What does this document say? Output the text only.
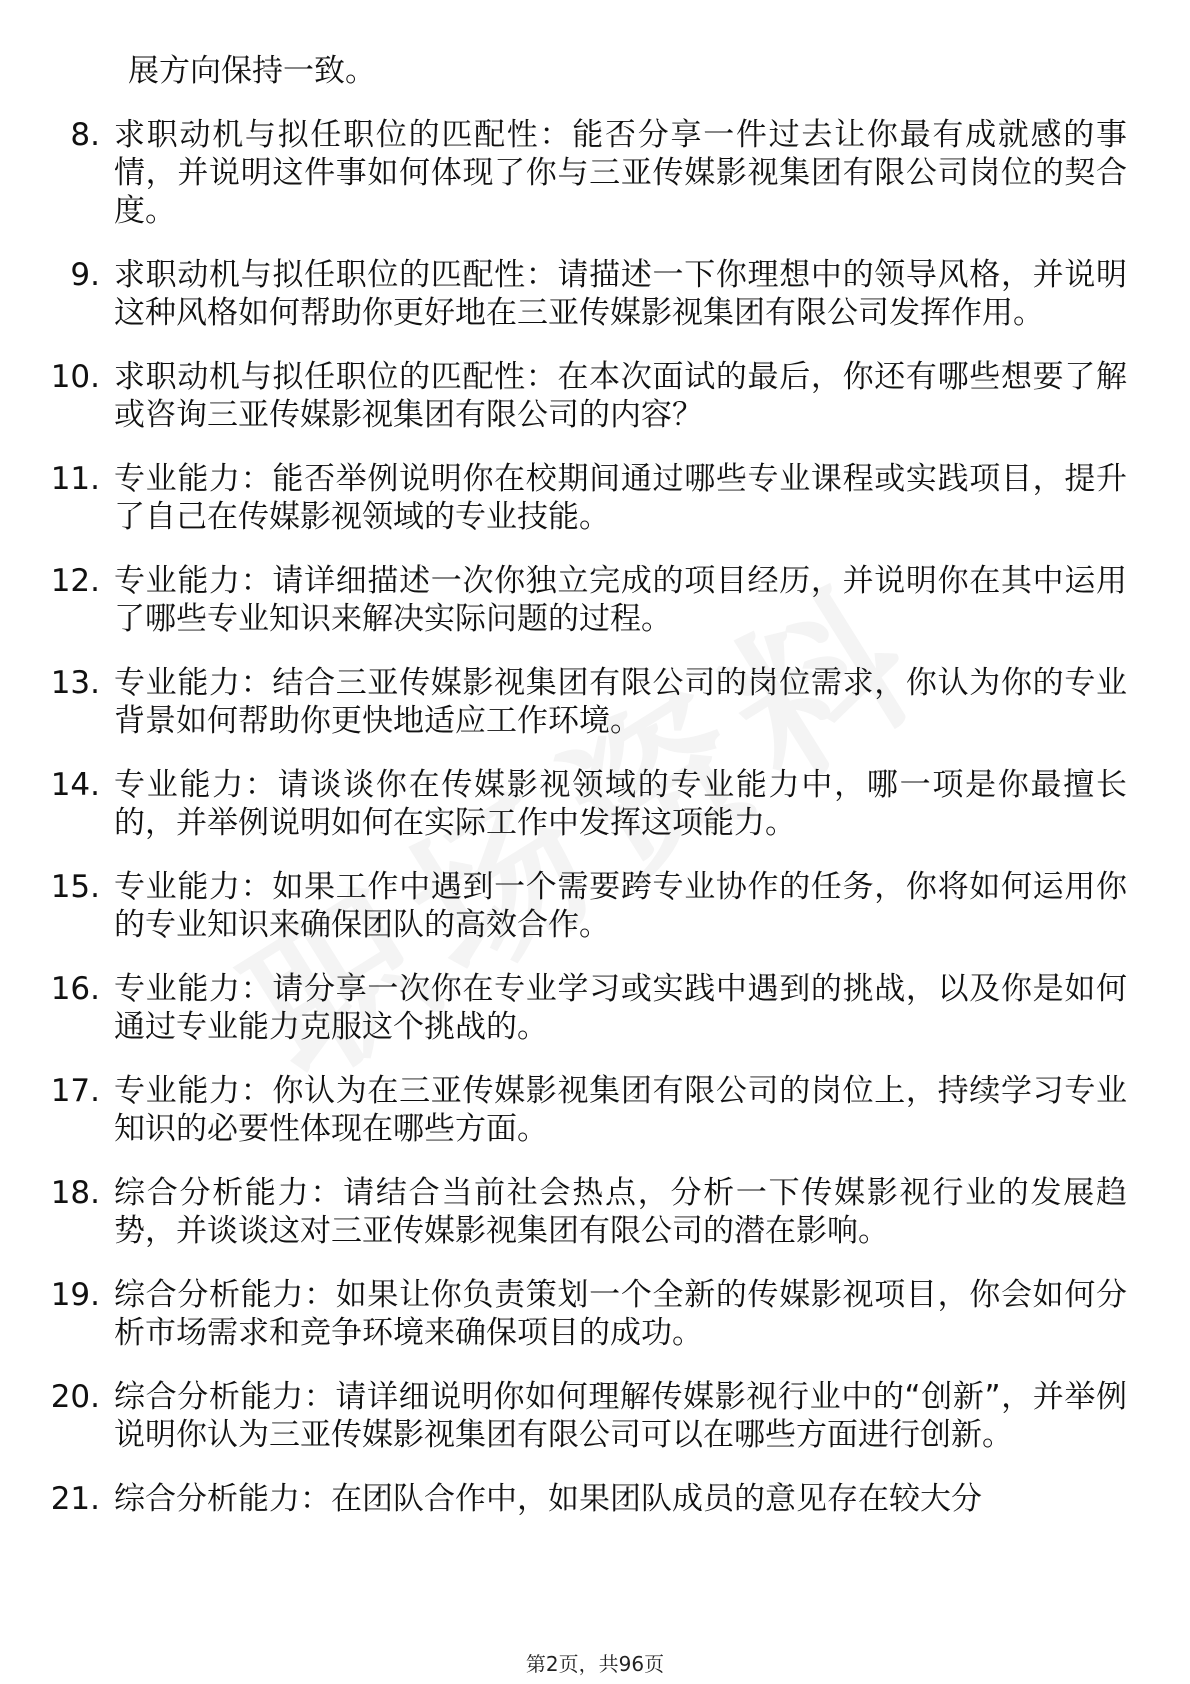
展方向保持一致。
8. 求职动机与拟任职位的匹配性：能否分享一件过去让你最有成就感的事情，并说明这件事如何体现了你与三亚传媒影视集团有限公司岗位的契合度。
9. 求职动机与拟任职位的匹配性：请描述一下你理想中的领导风格，并说明这种风格如何帮助你更好地在三亚传媒影视集团有限公司发挥作用。
10. 求职动机与拟任职位的匹配性：在本次面试的最后，你还有哪些想要了解或咨询三亚传媒影视集团有限公司的内容？
11. 专业能力：能否举例说明你在校期间通过哪些专业课程或实践项目，提升了自己在传媒影视领域的专业技能。
12. 专业能力：请详细描述一次你独立完成的项目经历，并说明你在其中运用了哪些专业知识来解决实际问题的过程。
13. 专业能力：结合三亚传媒影视集团有限公司的岗位需求，你认为你的专业背景如何帮助你更快地适应工作环境。
14. 专业能力：请谈谈你在传媒影视领域的专业能力中，哪一项是你最擅长的，并举例说明如何在实际工作中发挥这项能力。
15. 专业能力：如果工作中遇到一个需要跨专业协作的任务，你将如何运用你的专业知识来确保团队的高效合作。
16. 专业能力：请分享一次你在专业学习或实践中遇到的挑战，以及你是如何通过专业能力克服这个挑战的。
17. 专业能力：你认为在三亚传媒影视集团有限公司的岗位上，持续学习专业知识的必要性体现在哪些方面。
18. 综合分析能力：请结合当前社会热点，分析一下传媒影视行业的发展趋势，并谈谈这对三亚传媒影视集团有限公司的潜在影响。
19. 综合分析能力：如果让你负责策划一个全新的传媒影视项目，你会如何分析市场需求和竞争环境来确保项目的成功。
20. 综合分析能力：请详细说明你如何理解传媒影视行业中的“创新”，并举例说明你认为三亚传媒影视集团有限公司可以在哪些方面进行创新。
21. 综合分析能力：在团队合作中，如果团队成员的意见存在较大分
第2页，共96页
